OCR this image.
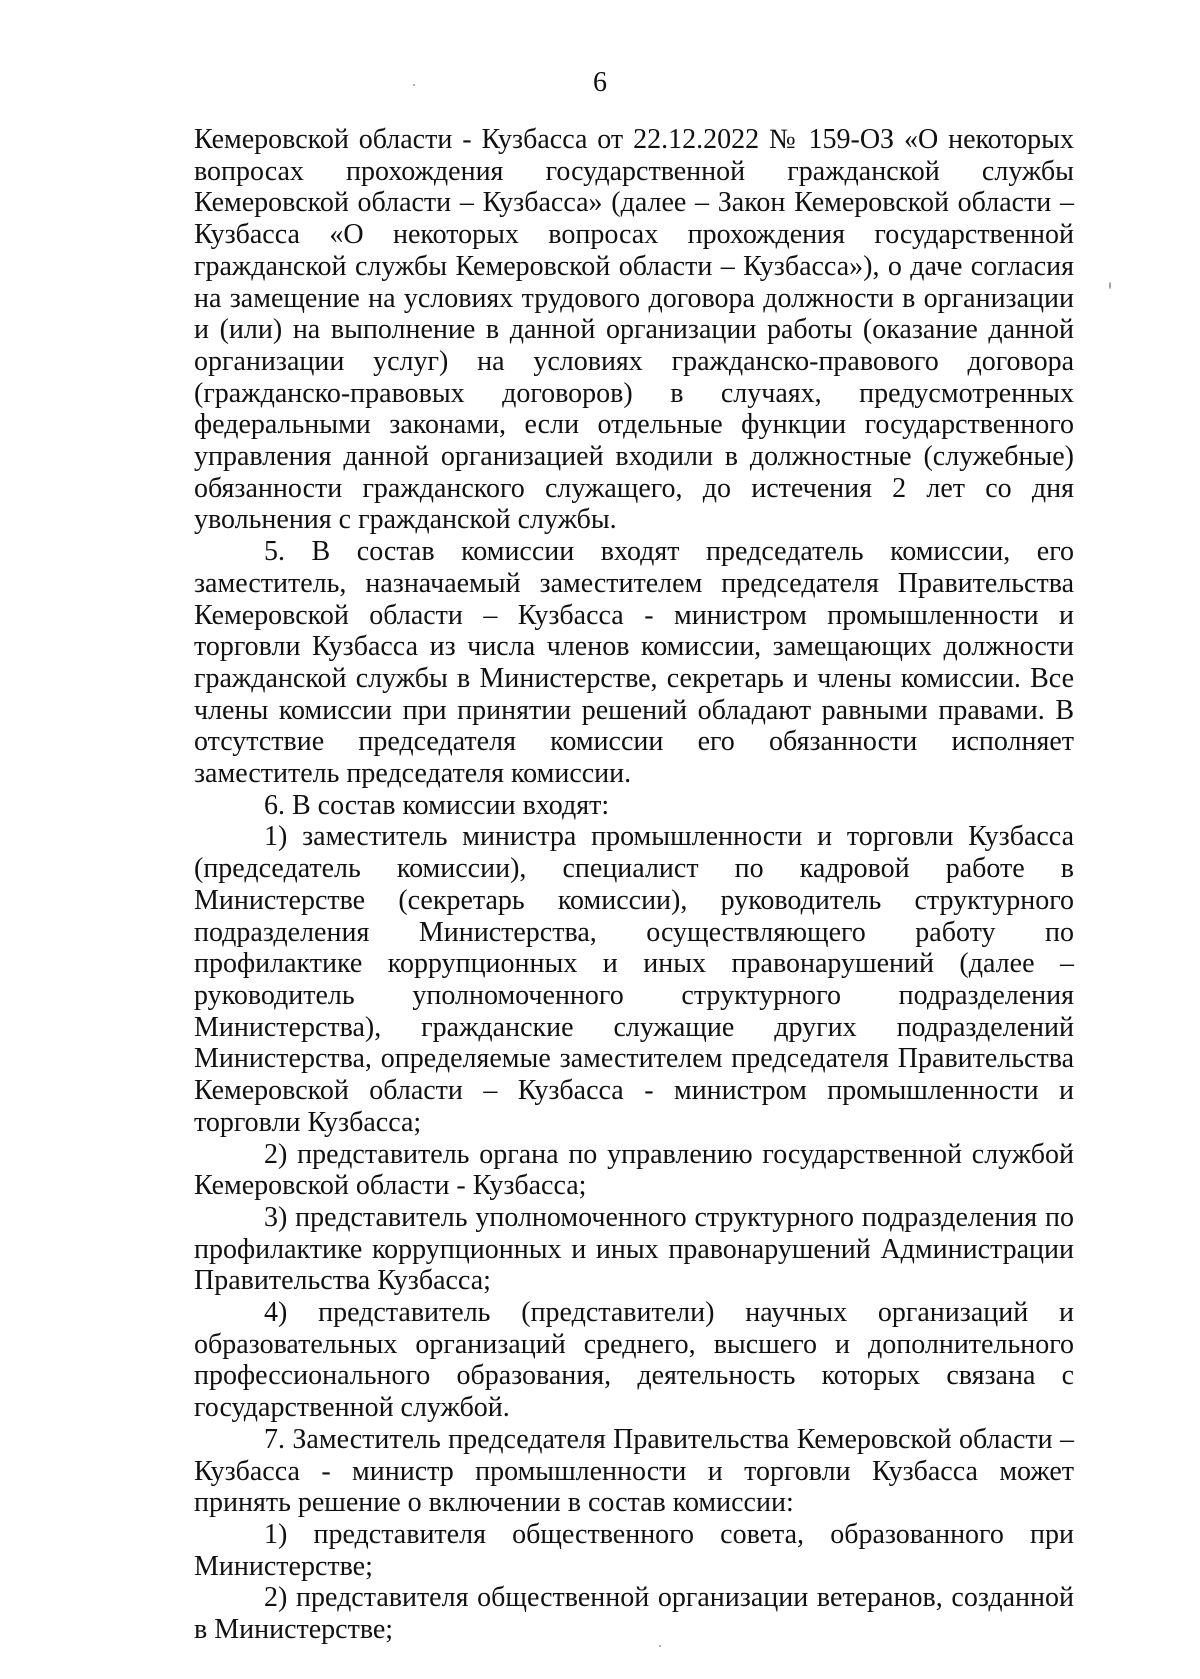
6

Кемеровской области - Кузбасса от 22.12.2022 № 159-ОЗ «О некоторых вопросах прохождения государственной гражданской службы Кемеровской области – Кузбасса» (далее – Закон Кемеровской области – Кузбасса «О некоторых вопросах прохождения государственной гражданской службы Кемеровской области – Кузбасса»), о даче согласия на замещение на условиях трудового договора должности в организации и (или) на выполнение в данной организации работы (оказание данной организации услуг) на условиях гражданско-правового договора (гражданско-правовых договоров) в случаях, предусмотренных федеральными законами, если отдельные функции государственного управления данной организацией входили в должностные (служебные) обязанности гражданского служащего, до истечения 2 лет со дня увольнения с гражданской службы.

5. В состав комиссии входят председатель комиссии, его заместитель, назначаемый заместителем председателя Правительства Кемеровской области – Кузбасса - министром промышленности и торговли Кузбасса из числа членов комиссии, замещающих должности гражданской службы в Министерстве, секретарь и члены комиссии. Все члены комиссии при принятии решений обладают равными правами. В отсутствие председателя комиссии его обязанности исполняет заместитель председателя комиссии.

6. В состав комиссии входят:

1) заместитель министра промышленности и торговли Кузбасса (председатель комиссии), специалист по кадровой работе в Министерстве (секретарь комиссии), руководитель структурного подразделения Министерства, осуществляющего работу по профилактике коррупционных и иных правонарушений (далее – руководитель уполномоченного структурного подразделения Министерства), гражданские служащие других подразделений Министерства, определяемые заместителем председателя Правительства Кемеровской области – Кузбасса - министром промышленности и торговли Кузбасса;

2) представитель органа по управлению государственной службой Кемеровской области - Кузбасса;

3) представитель уполномоченного структурного подразделения по профилактике коррупционных и иных правонарушений Администрации Правительства Кузбасса;

4) представитель (представители) научных организаций и образовательных организаций среднего, высшего и дополнительного профессионального образования, деятельность которых связана с государственной службой.

7. Заместитель председателя Правительства Кемеровской области – Кузбасса - министр промышленности и торговли Кузбасса может принять решение о включении в состав комиссии:

1) представителя общественного совета, образованного при Министерстве;

2) представителя общественной организации ветеранов, созданной в Министерстве;
